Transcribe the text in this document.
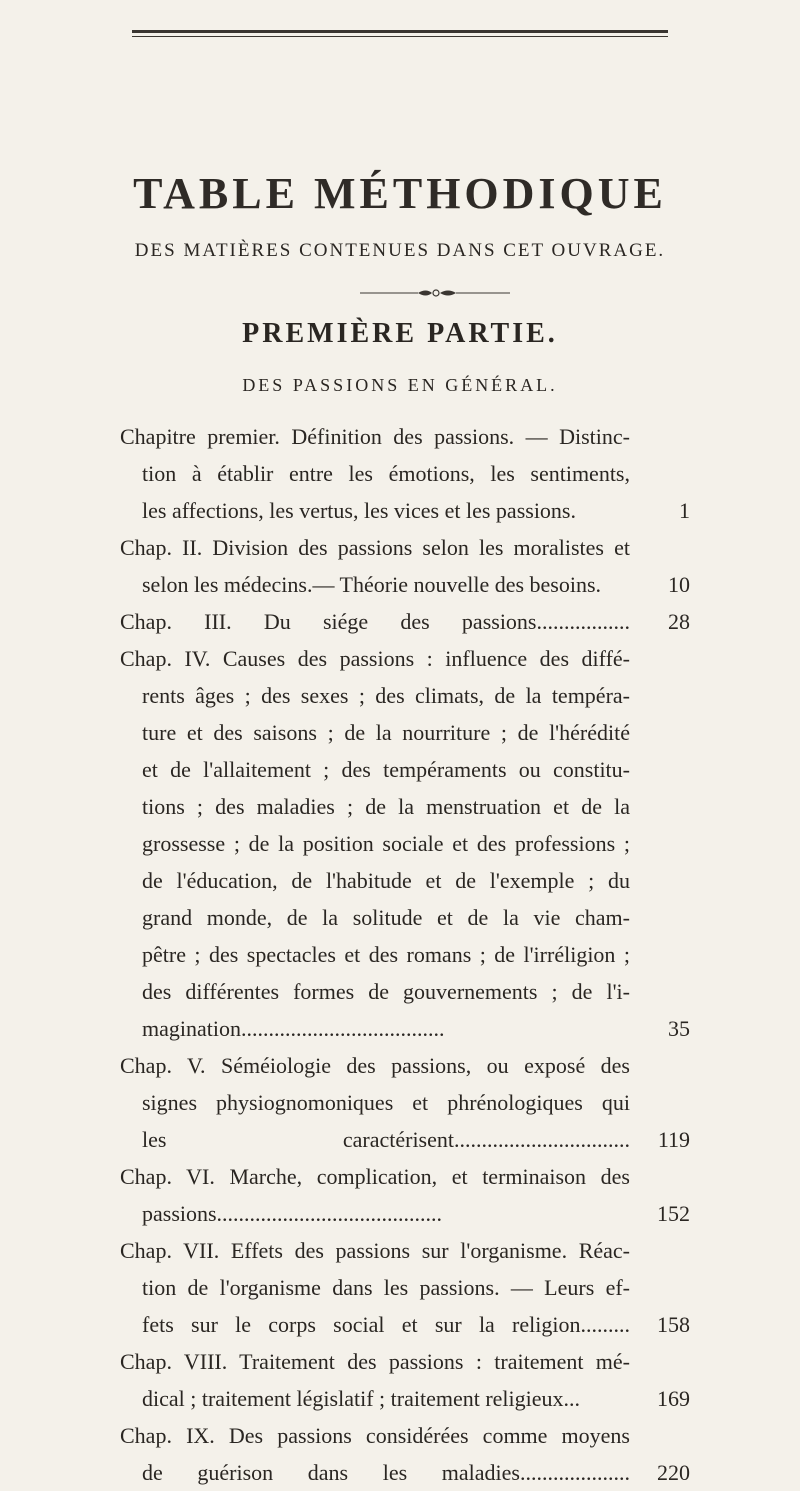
TABLE MÉTHODIQUE
DES MATIÈRES CONTENUES DANS CET OUVRAGE.
PREMIÈRE PARTIE.
DES PASSIONS EN GÉNÉRAL.
Chapitre premier. Définition des passions. — Distinc-
tion à établir entre les émotions, les sentiments,
les affections, les vertus, les vices et les passions.	1
Chap. II. Division des passions selon les moralistes et
selon les médecins.— Théorie nouvelle des besoins.	10
Chap. III. Du siége des passions.................	28
Chap. IV. Causes des passions : influence des diffé-
rents âges ; des sexes ; des climats, de la tempéra-
ture et des saisons ; de la nourriture ; de l'hérédité
et de l'allaitement ; des tempéraments ou constitu-
tions ; des maladies ; de la menstruation et de la
grossesse ; de la position sociale et des professions ;
de l'éducation, de l'habitude et de l'exemple ; du
grand monde, de la solitude et de la vie cham-
pêtre ; des spectacles et des romans ; de l'irréligion ;
des différentes formes de gouvernements ; de l'i-
magination.....................................	35
Chap. V. Séméiologie des passions, ou exposé des
signes physiognomoniques et phrénologiques qui
les caractérisent................................	119
Chap. VI. Marche, complication, et terminaison des
passions.........................................	152
Chap. VII. Effets des passions sur l'organisme. Réac-
tion de l'organisme dans les passions. — Leurs ef-
fets sur le corps social et sur la religion.........	158
Chap. VIII. Traitement des passions : traitement mé-
dical ; traitement législatif ; traitement religieux...	169
Chap. IX. Des passions considérées comme moyens
de guérison dans les maladies....................	220
